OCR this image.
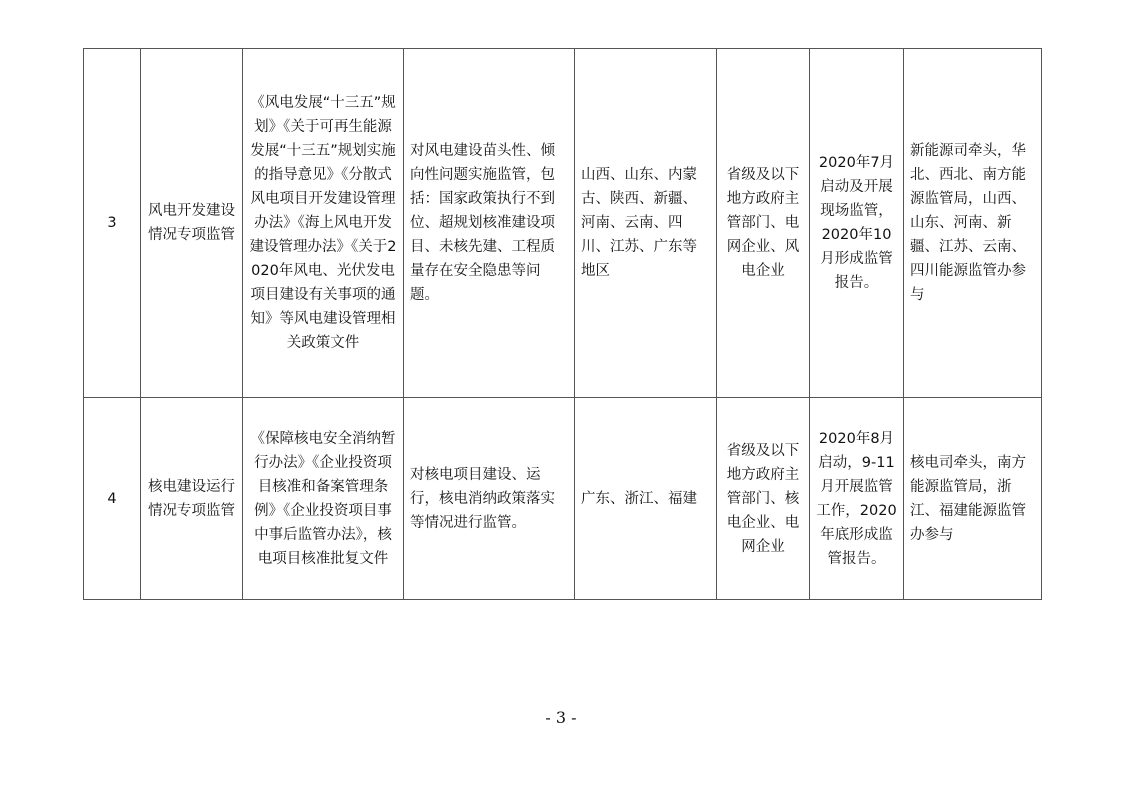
3	风电开发建设情况专项监管	《风电发展“十三五”规划》《关于可再生能源发展“十三五”规划实施的指导意见》《分散式风电项目开发建设管理办法》《海上风电开发建设管理办法》《关于2020年风电、光伏发电项目建设有关事项的通知》等风电建设管理相关政策文件	对风电建设苗头性、倾向性问题实施监管，包括：国家政策执行不到位、超规划核准建设项目、未核先建、工程质量存在安全隐患等问题。	山西、山东、内蒙古、陕西、新疆、河南、云南、四川、江苏、广东等地区	省级及以下地方政府主管部门、电网企业、风电企业	2020年7月启动及开展现场监管，2020年10月形成监管报告。	新能源司牵头，华北、西北、南方能源监管局，山西、山东、河南、新疆、江苏、云南、四川能源监管办参与
4	核电建设运行情况专项监管	《保障核电安全消纳暂行办法》《企业投资项目核准和备案管理条例》《企业投资项目事中事后监管办法》，核电项目核准批复文件	对核电项目建设、运行，核电消纳政策落实等情况进行监管。	广东、浙江、福建	省级及以下地方政府主管部门、核电企业、电网企业	2020年8月启动，9-11月开展监管工作，2020年底形成监管报告。	核电司牵头，南方能源监管局，浙江、福建能源监管办参与
- 3 -
